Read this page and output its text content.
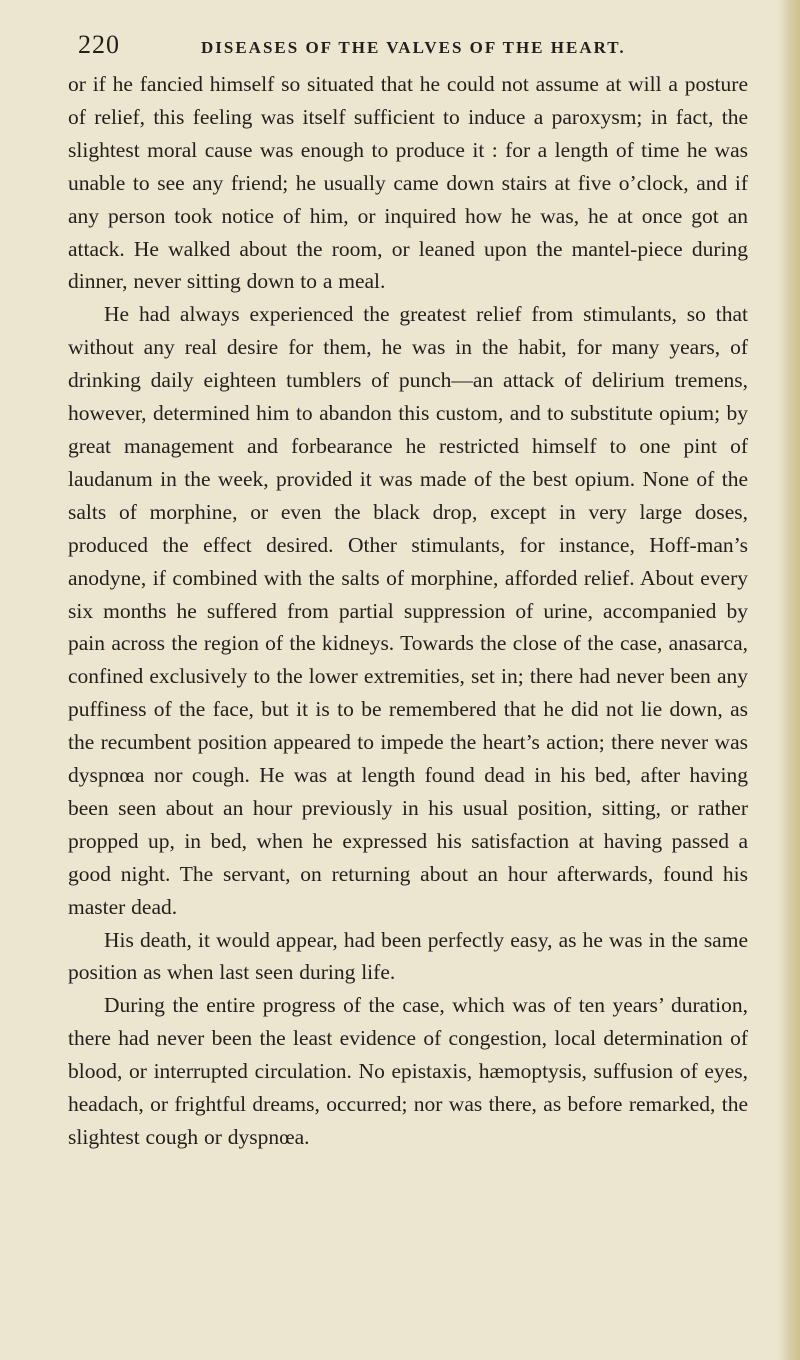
220	DISEASES OF THE VALVES OF THE HEART.

or if he fancied himself so situated that he could not assume at will a posture of relief, this feeling was itself sufficient to induce a paroxysm; in fact, the slightest moral cause was enough to produce it : for a length of time he was unable to see any friend; he usually came down stairs at five o’clock, and if any person took notice of him, or inquired how he was, he at once got an attack. He walked about the room, or leaned upon the mantel-piece during dinner, never sitting down to a meal.

He had always experienced the greatest relief from stimulants, so that without any real desire for them, he was in the habit, for many years, of drinking daily eighteen tumblers of punch—an attack of delirium tremens, however, determined him to abandon this custom, and to substitute opium; by great management and forbearance he restricted himself to one pint of laudanum in the week, provided it was made of the best opium. None of the salts of morphine, or even the black drop, except in very large doses, produced the effect desired. Other stimulants, for instance, Hoff-man’s anodyne, if combined with the salts of morphine, afforded relief. About every six months he suffered from partial suppression of urine, accompanied by pain across the region of the kidneys. Towards the close of the case, anasarca, confined exclusively to the lower extremities, set in; there had never been any puffiness of the face, but it is to be remembered that he did not lie down, as the recumbent position appeared to impede the heart’s action; there never was dyspnœa nor cough. He was at length found dead in his bed, after having been seen about an hour previously in his usual position, sitting, or rather propped up, in bed, when he expressed his satisfaction at having passed a good night. The servant, on returning about an hour afterwards, found his master dead.

His death, it would appear, had been perfectly easy, as he was in the same position as when last seen during life.

During the entire progress of the case, which was of ten years’ duration, there had never been the least evidence of congestion, local determination of blood, or interrupted circulation. No epistaxis, hæmoptysis, suffusion of eyes, headach, or frightful dreams, occurred; nor was there, as before remarked, the slightest cough or dyspnœa.
